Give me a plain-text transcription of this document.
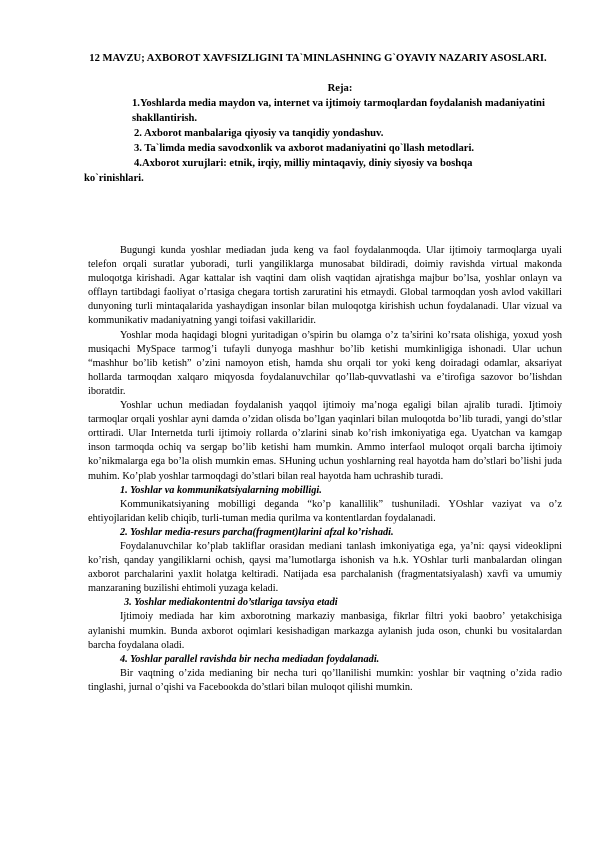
12 MAVZU; AXBOROT XAVFSIZLIGINI TA`MINLASHNING G`OYAVIY NAZARIY ASOSLARI.
Reja:

1.Yoshlarda media maydon va, internet va ijtimoiy tarmoqlardan foydalanish madaniyatini shakllantirish.

2. Axborot manbalariga qiyosiy va tanqidiy yondashuv.

3. Ta`limda media savodxonlik va axborot madaniyatini qo`llash metodlari.

4.Axborot xurujlari: etnik, irqiy, milliy mintaqaviy, diniy siyosiy va boshqa

ko`rinishlari.

Bugungi kunda yoshlar mediadan juda keng va faol foydalanmoqda. Ular ijtimoiy tarmoqlarga uyali telefon orqali suratlar yuboradi, turli yangiliklarga munosabat bildiradi, doimiy ravishda virtual makonda muloqotga kirishadi. Agar kattalar ish vaqtini dam olish vaqtidan ajratishga majbur bo’lsa, yoshlar onlayn va offlayn tartibdagi faoliyat o’rtasiga chegara tortish zaruratini his etmaydi. Global tarmoqdan yosh avlod vakillari dunyoning turli mintaqalarida yashaydigan insonlar bilan muloqotga kirishish uchun foydalanadi. Ular vizual va kommunikativ madaniyatning yangi toifasi vakillaridir.

Yoshlar moda haqidagi blogni yuritadigan o’spirin bu olamga o’z ta’sirini ko’rsata olishiga, yoxud yosh musiqachi MySpace tarmog’i tufayli dunyoga mashhur bo’lib ketishi mumkinligiga ishonadi. Ular uchun “mashhur bo’lib ketish” o’zini namoyon etish, hamda shu orqali tor yoki keng doiradagi odamlar, aksariyat hollarda tarmoqdan xalqaro miqyosda foydalanuvchilar qo’llab-quvvatlashi va e’tirofiga sazovor bo’lishdan iboratdir.

Yoshlar uchun mediadan foydalanish yaqqol ijtimoiy ma’noga egaligi bilan ajralib turadi. Ijtimoiy tarmoqlar orqali yoshlar ayni damda o’zidan olisda bo’lgan yaqinlari bilan muloqotda bo’lib turadi, yangi do’stlar orttiradi. Ular Internetda turli ijtimoiy rollarda o’zlarini sinab ko’rish imkoniyatiga ega. Uyatchan va kamgap inson tarmoqda ochiq va sergap bo’lib ketishi ham mumkin. Ammo interfaol muloqot orqali barcha ijtimoiy ko’nikmalarga ega bo’la olish mumkin emas. SHuning uchun yoshlarning real hayotda ham do’stlari bo’lishi juda muhim. Ko’plab yoshlar tarmoqdagi do’stlari bilan real hayotda ham uchrashib turadi.

1. Yoshlar va kommunikatsiyalarning mobilligi.

Kommunikatsiyaning mobilligi deganda “ko’p kanallilik” tushuniladi. YOshlar vaziyat va o’z ehtiyojlaridan kelib chiqib, turli-tuman media qurilma va kontentlardan foydalanadi.

2. Yoshlar media-resurs parcha(fragment)larini afzal ko’rishadi.

Foydalanuvchilar ko’plab takliflar orasidan mediani tanlash imkoniyatiga ega, ya’ni: qaysi videoklipni ko’rish, qanday yangiliklarni ochish, qaysi ma’lumotlarga ishonish va h.k. YOshlar turli manbalardan olingan axborot parchalarini yaxlit holatga keltiradi. Natijada esa parchalanish (fragmentatsiyalash) xavfi va umumiy manzaraning buzilishi ehtimoli yuzaga keladi.

3. Yoshlar mediakontentni do’stlariga tavsiya etadi

Ijtimoiy mediada har kim axborotning markaziy manbasiga, fikrlar filtri yoki baobro’ yetakchisiga aylanishi mumkin. Bunda axborot oqimlari kesishadigan markazga aylanish juda oson, chunki bu vositalardan barcha foydalana oladi.

4. Yoshlar parallel ravishda bir necha mediadan foydalanadi.

Bir vaqtning o’zida medianing bir necha turi qo’llanilishi mumkin: yoshlar bir vaqtning o’zida radio tinglashi, jurnal o’qishi va Facebookda do’stlari bilan muloqot qilishi mumkin.
